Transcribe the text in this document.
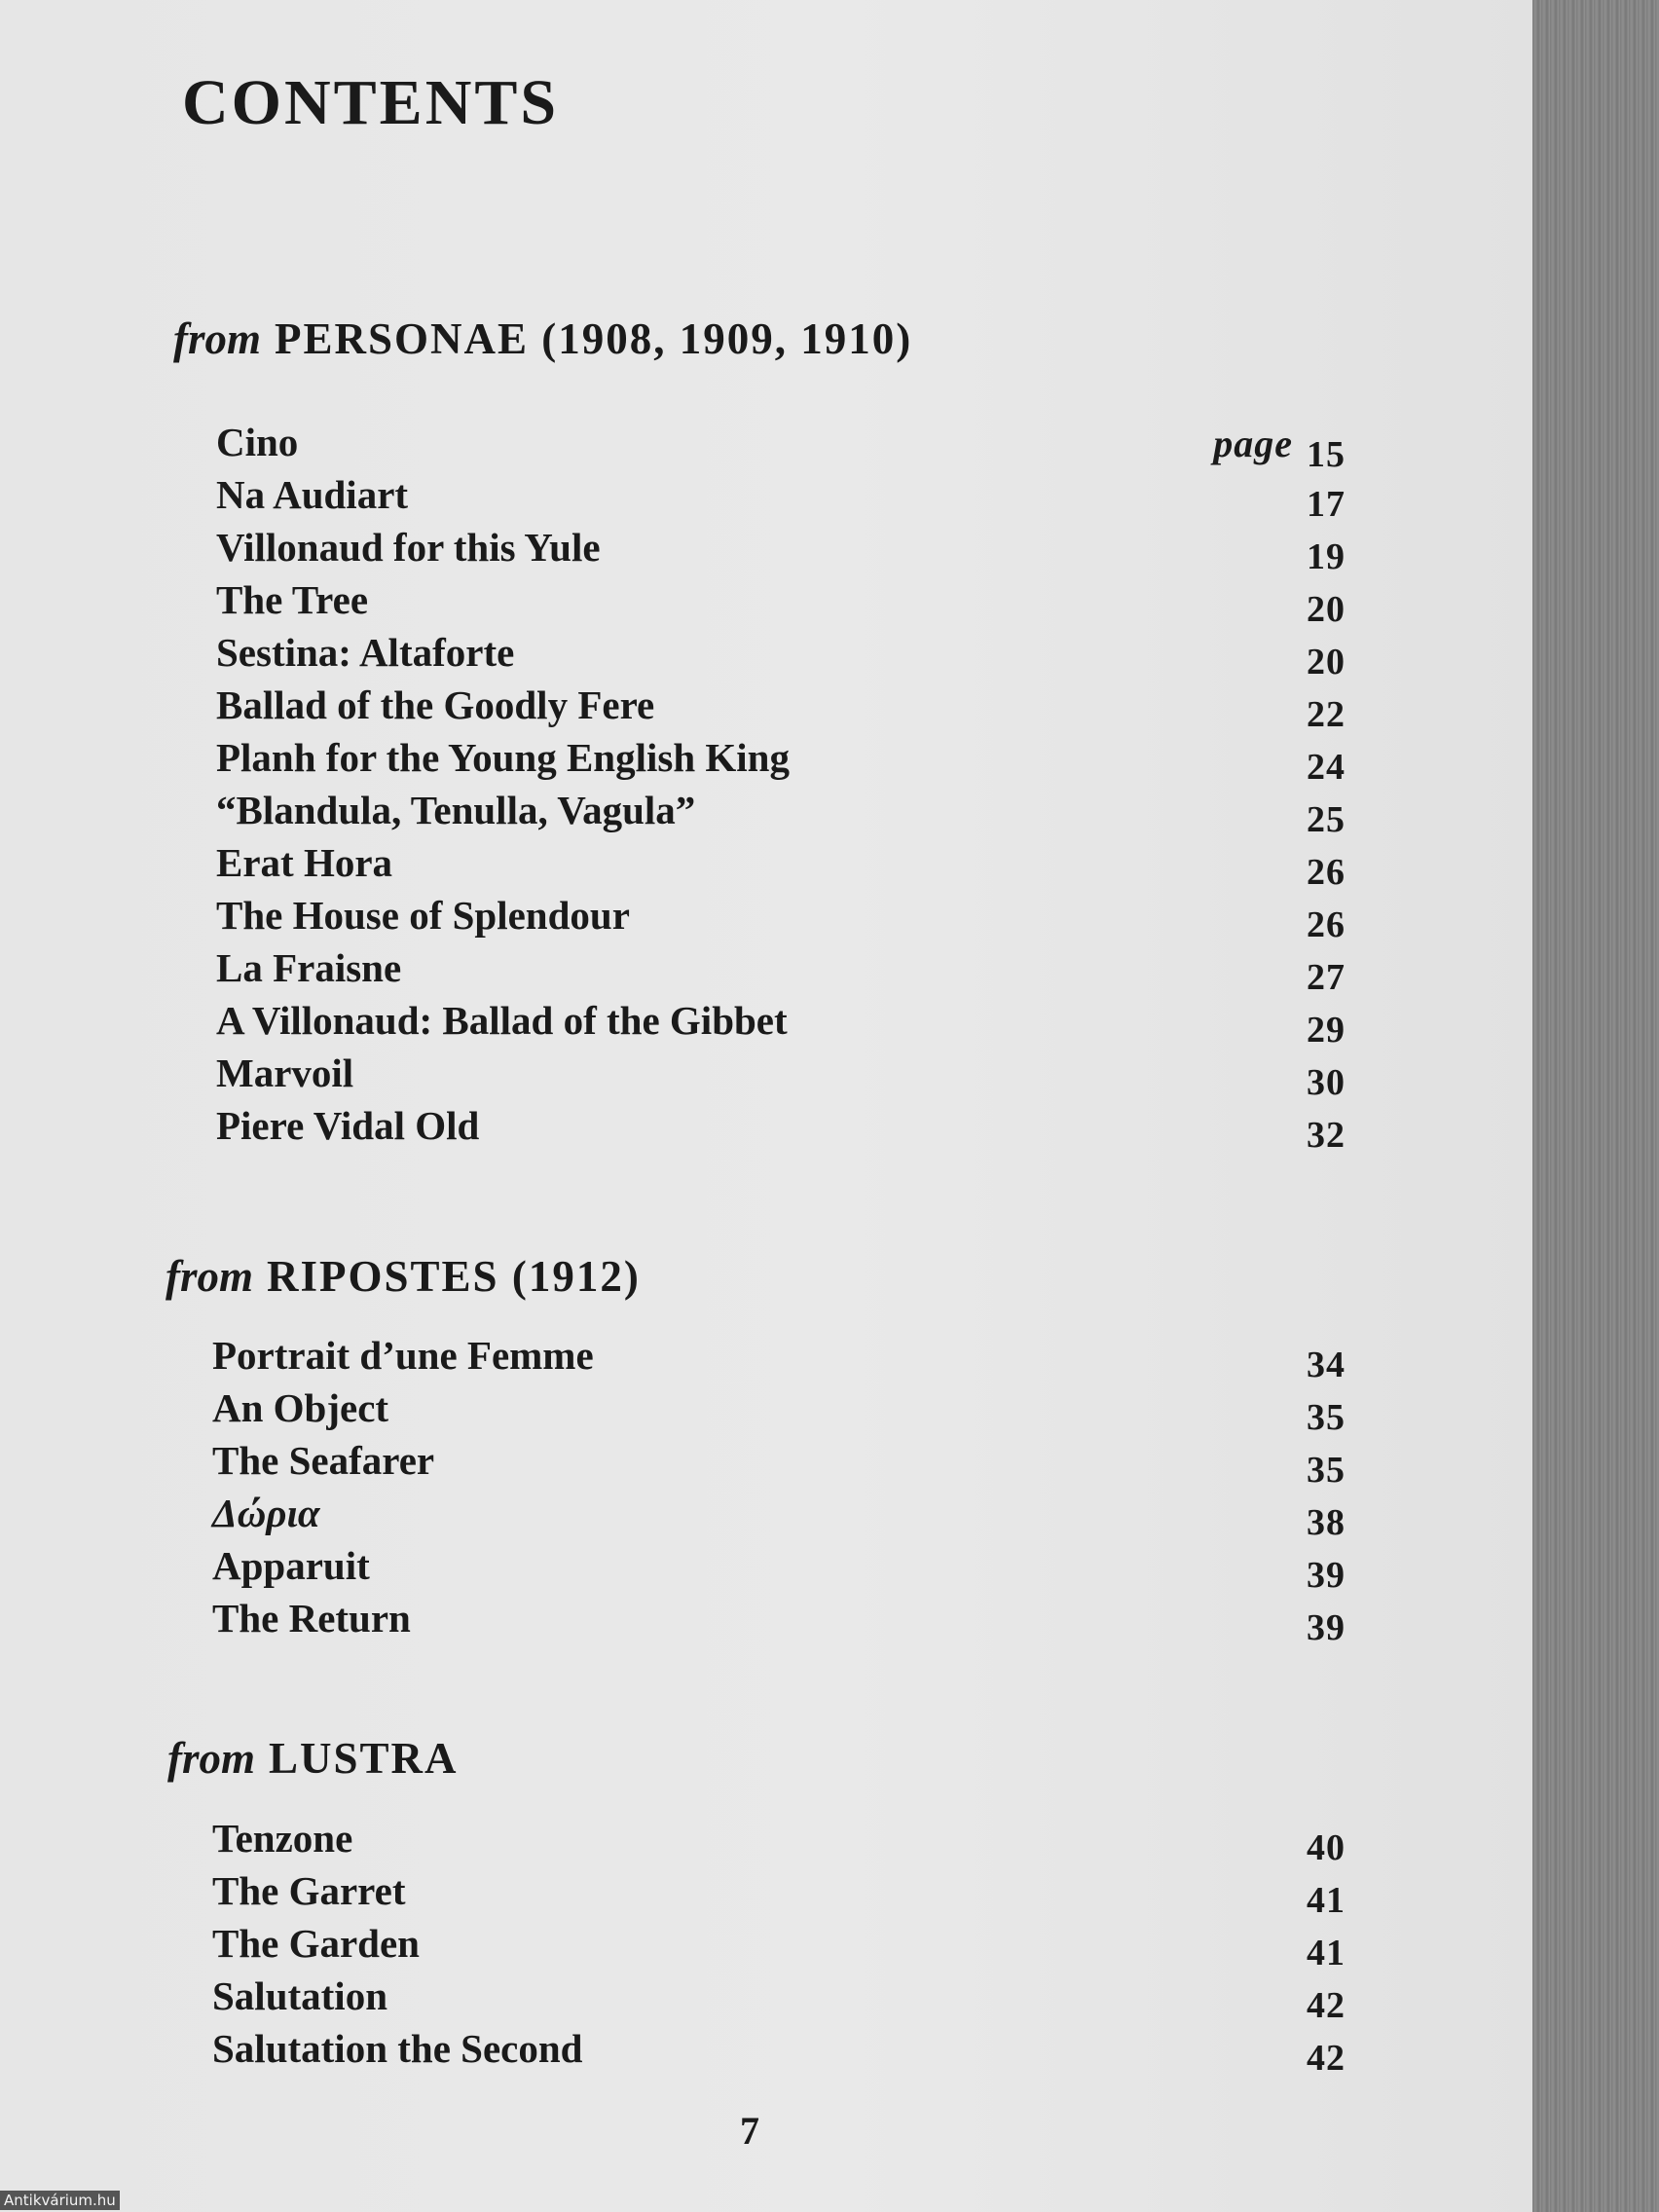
CONTENTS
from PERSONAE (1908, 1909, 1910)
Cino	page 15
Na Audiart	17
Villonaud for this Yule	19
The Tree	20
Sestina: Altaforte	20
Ballad of the Goodly Fere	22
Planh for the Young English King	24
“Blandula, Tenulla, Vagula”	25
Erat Hora	26
The House of Splendour	26
La Fraisne	27
A Villonaud: Ballad of the Gibbet	29
Marvoil	30
Piere Vidal Old	32
from RIPOSTES (1912)
Portrait d’une Femme	34
An Object	35
The Seafarer	35
Δώρια	38
Apparuit	39
The Return	39
from LUSTRA
Tenzone	40
The Garret	41
The Garden	41
Salutation	42
Salutation the Second	42
7
Antikvárium.hu
